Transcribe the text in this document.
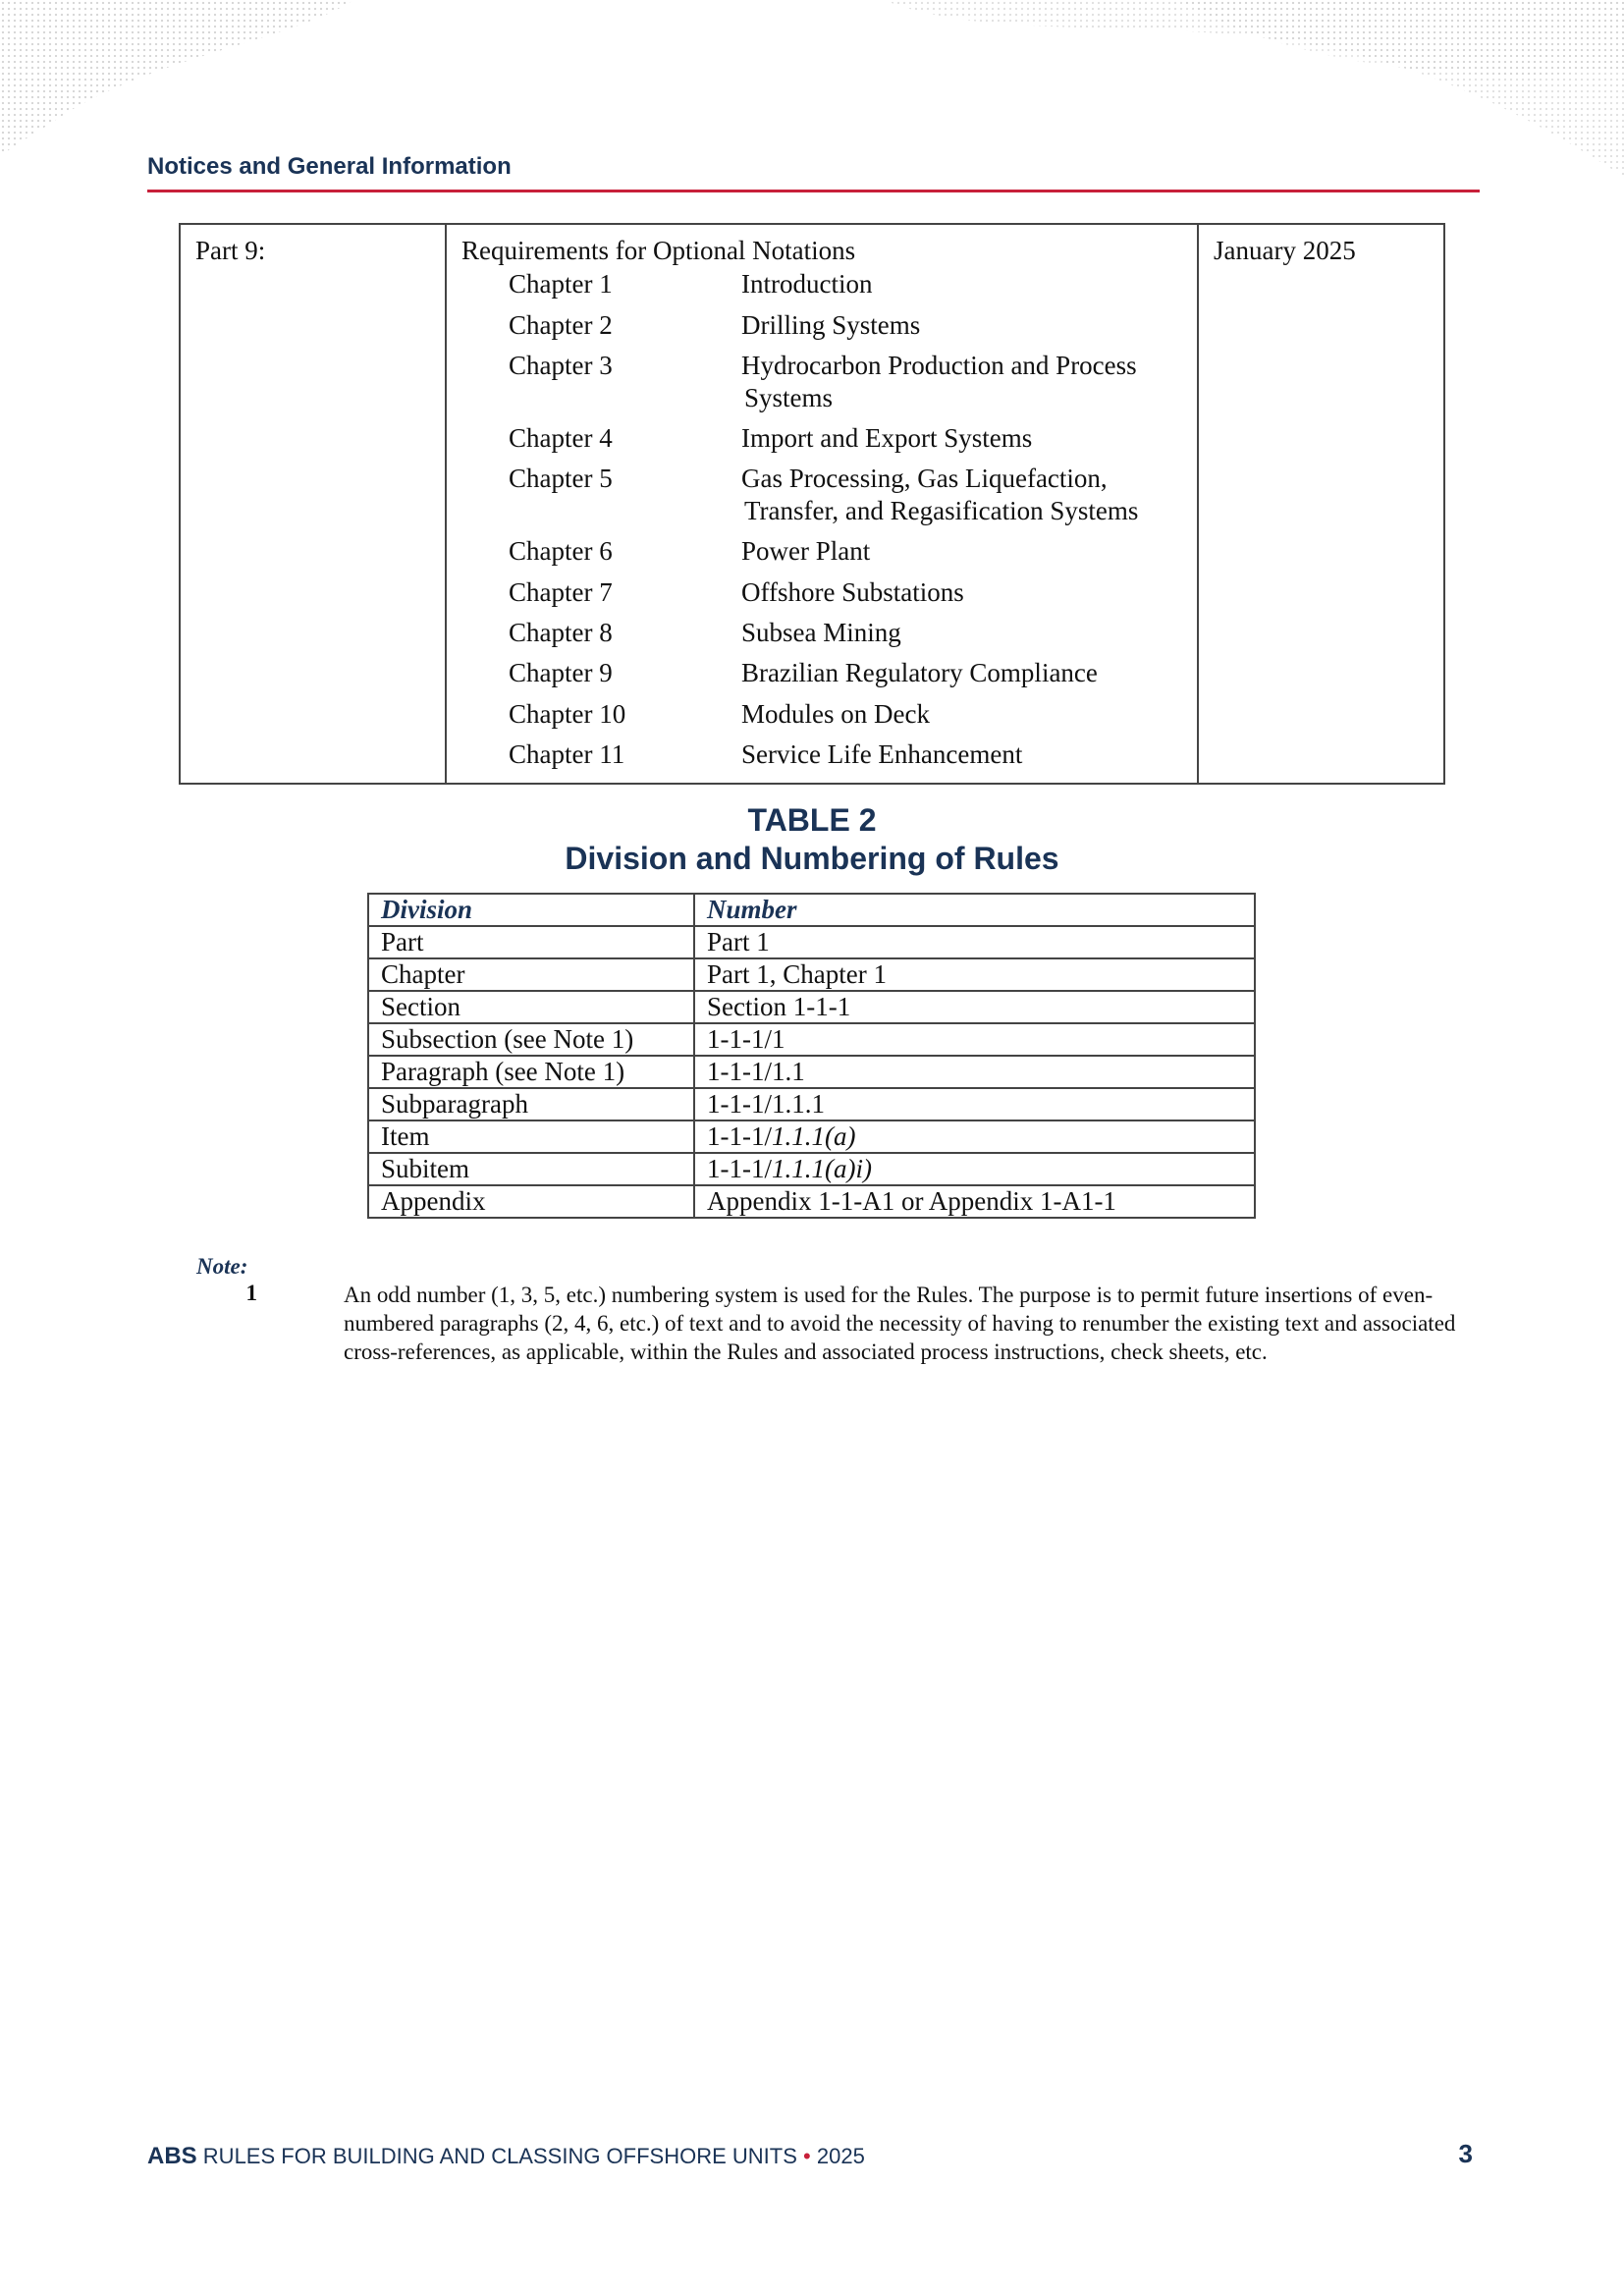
Notices and General Information
Part 9:	Requirements for Optional Notations
Chapter 1	Introduction
Chapter 2	Drilling Systems
Chapter 3	Hydrocarbon Production and Process
Systems
Chapter 4	Import and Export Systems
Chapter 5	Gas Processing, Gas Liquefaction,
Transfer, and Regasification Systems
Chapter 6	Power Plant
Chapter 7	Offshore Substations
Chapter 8	Subsea Mining
Chapter 9	Brazilian Regulatory Compliance
Chapter 10	Modules on Deck
Chapter 11	Service Life Enhancement
	January 2025
TABLE 2
Division and Numbering of Rules
Division	Number
Part	Part 1
Chapter	Part 1, Chapter 1
Section	Section 1-1-1
Subsection (see Note 1)	1-1-1/1
Paragraph (see Note 1)	1-1-1/1.1
Subparagraph	1-1-1/1.1.1
Item	1-1-1/1.1.1(a)
Subitem	1-1-1/1.1.1(a)i)
Appendix	Appendix 1-1-A1 or Appendix 1-A1-1
Note:
1	An odd number (1, 3, 5, etc.) numbering system is used for the Rules. The purpose is to permit future insertions of even-numbered paragraphs (2, 4, 6, etc.) of text and to avoid the necessity of having to renumber the existing text and associated cross-references, as applicable, within the Rules and associated process instructions, check sheets, etc.
ABS RULES FOR BUILDING AND CLASSING OFFSHORE UNITS • 2025	3
